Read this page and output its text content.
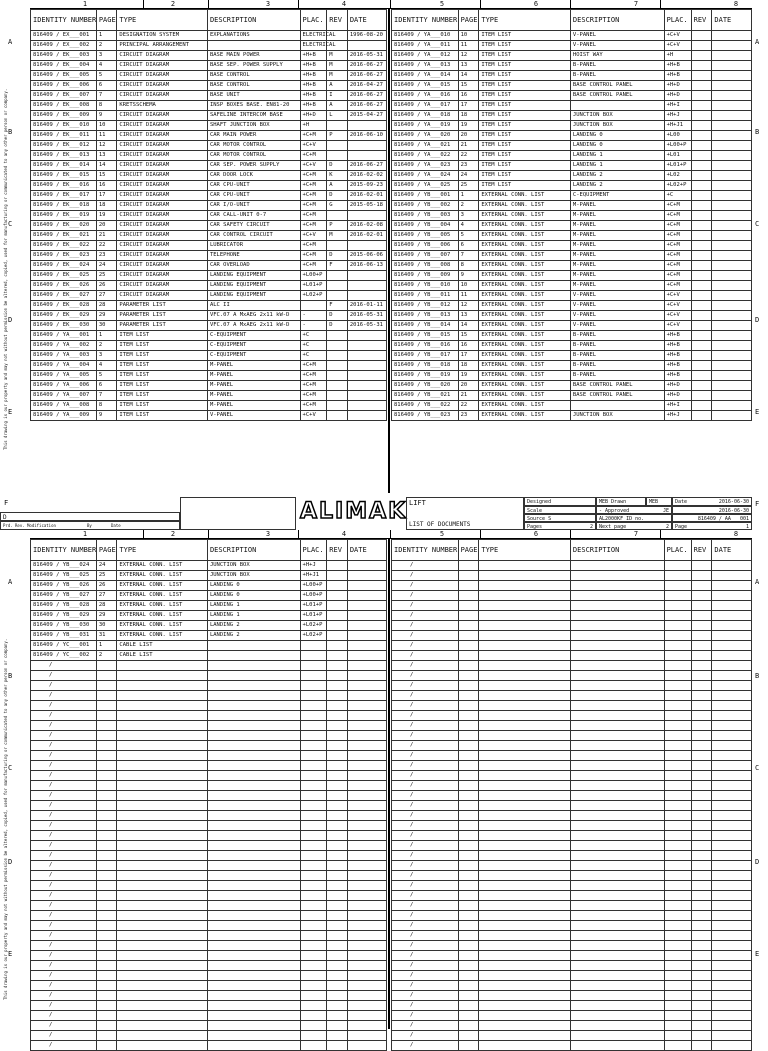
1	2	3	4	5	6	7	8
A
B
C
D
E
A
B
C
D
E
F
This drawing is our property and may not without permission be altered, copied, used for manufacturing or communicated to any other person or company.
IDENTITY NUMBER	PAGE	TYPE	DESCRIPTION	PLAC.	REV	DATE
816409 / EX___001	1	DESIGNATION SYSTEM	EXPLANATIONS	ELECTRICAL		1996-08-20
816409 / EX___002	2	PRINCIPAL ARRANGEMENT		ELECTRICAL		
816409 / EK___003	3	CIRCUIT DIAGRAM	BASE MAIN POWER	+H+B	M	2016-05-31
816409 / EK___004	4	CIRCUIT DIAGRAM	BASE SEP. POWER SUPPLY	+H+B	M	2016-06-27
816409 / EK___005	5	CIRCUIT DIAGRAM	BASE CONTROL	+H+B	M	2016-06-27
816409 / EK___006	6	CIRCUIT DIAGRAM	BASE CONTROL	+H+B	A	2016-04-27
816409 / EK___007	7	CIRCUIT DIAGRAM	BASE UNIT	+H+B	I	2016-06-27
816409 / EK___008	8	KRETSSCHEMA	INSP BOXES BASE. EN81-20	+H+B	A	2016-06-27
816409 / EK___009	9	CIRCUIT DIAGRAM	SAFELINE INTERCOM BASE	+H+D	L	2015-04-27
816409 / EK___010	10	CIRCUIT DIAGRAM	SHAFT JUNCTION BOX	+H		
816409 / EK___011	11	CIRCUIT DIAGRAM	CAR MAIN POWER	+C+M	P	2016-06-10
816409 / EK___012	12	CIRCUIT DIAGRAM	CAR MOTOR CONTROL	+C+V		
816409 / EK___013	13	CIRCUIT DIAGRAM	CAR MOTOR CONTROL	+C+M		
816409 / EK___014	14	CIRCUIT DIAGRAM	CAR SEP. POWER SUPPLY	+C+V	D	2016-06-27
816409 / EK___015	15	CIRCUIT DIAGRAM	CAR DOOR LOCK	+C+M	K	2016-02-02
816409 / EK___016	16	CIRCUIT DIAGRAM	CAR CPU-UNIT	+C+M	A	2015-09-23
816409 / EK___017	17	CIRCUIT DIAGRAM	CAR CPU-UNIT	+C+M	D	2016-02-01
816409 / EK___018	18	CIRCUIT DIAGRAM	CAR I/O-UNIT	+C+M	G	2015-05-18
816409 / EK___019	19	CIRCUIT DIAGRAM	CAR CALL-UNIT 0-7	+C+M		
816409 / EK___020	20	CIRCUIT DIAGRAM	CAR SAFETY CIRCUIT	+C+M	P	2016-02-08
816409 / EK___021	21	CIRCUIT DIAGRAM	CAR CONTROL CIRCUIT	+C+V	M	2016-02-01
816409 / EK___022	22	CIRCUIT DIAGRAM	LUBRICATOR	+C+M		
816409 / EK___023	23	CIRCUIT DIAGRAM	TELEPHONE	+C+M	D	2015-06-06
816409 / EK___024	24	CIRCUIT DIAGRAM	CAR OVERLOAD	+C+M	F	2016-06-13
816409 / EK___025	25	CIRCUIT DIAGRAM	LANDING EQUIPMENT	+L00+P		
816409 / EK___026	26	CIRCUIT DIAGRAM	LANDING EQUIPMENT	+L01+P		
816409 / EK___027	27	CIRCUIT DIAGRAM	LANDING EQUIPMENT	+L02+P		
816409 / EK___028	28	PARAMETER LIST	ALC II		F	2016-01-11
816409 / EK___029	29	PARAMETER LIST	VFC.07 A MxAEG 2x11 kW-D	-	D	2016-05-31
816409 / EK___030	30	PARAMETER LIST	VFC.07 A MxAEG 2x11 kW-D	-	D	2016-05-31
816409 / YA___001	1	ITEM LIST	C-EQUIPMENT	+C		
816409 / YA___002	2	ITEM LIST	C-EQUIPMENT	+C		
816409 / YA___003	3	ITEM LIST	C-EQUIPMENT	+C		
816409 / YA___004	4	ITEM LIST	M-PANEL	+C+M		
816409 / YA___005	5	ITEM LIST	M-PANEL	+C+M		
816409 / YA___006	6	ITEM LIST	M-PANEL	+C+M		
816409 / YA___007	7	ITEM LIST	M-PANEL	+C+M		
816409 / YA___008	8	ITEM LIST	M-PANEL	+C+M		
816409 / YA___009	9	ITEM LIST	V-PANEL	+C+V		
IDENTITY NUMBER	PAGE	TYPE	DESCRIPTION	PLAC.	REV	DATE
816409 / YA___010	10	ITEM LIST	V-PANEL	+C+V		
816409 / YA___011	11	ITEM LIST	V-PANEL	+C+V		
816409 / YA___012	12	ITEM LIST	HOIST WAY	+H		
816409 / YA___013	13	ITEM LIST	B-PANEL	+H+B		
816409 / YA___014	14	ITEM LIST	B-PANEL	+H+B		
816409 / YA___015	15	ITEM LIST	BASE CONTROL PANEL	+H+D		
816409 / YA___016	16	ITEM LIST	BASE CONTROL PANEL	+H+D		
816409 / YA___017	17	ITEM LIST		+H+I		
816409 / YA___018	18	ITEM LIST	JUNCTION BOX	+H+J		
816409 / YA___019	19	ITEM LIST	JUNCTION BOX	+H+J1		
816409 / YA___020	20	ITEM LIST	LANDING 0	+L00		
816409 / YA___021	21	ITEM LIST	LANDING 0	+L00+P		
816409 / YA___022	22	ITEM LIST	LANDING 1	+L01		
816409 / YA___023	23	ITEM LIST	LANDING 1	+L01+P		
816409 / YA___024	24	ITEM LIST	LANDING 2	+L02		
816409 / YA___025	25	ITEM LIST	LANDING 2	+L02+P		
816409 / YB___001	1	EXTERNAL CONN. LIST	C-EQUIPMENT	+C		
816409 / YB___002	2	EXTERNAL CONN. LIST	M-PANEL	+C+M		
816409 / YB___003	3	EXTERNAL CONN. LIST	M-PANEL	+C+M		
816409 / YB___004	4	EXTERNAL CONN. LIST	M-PANEL	+C+M		
816409 / YB___005	5	EXTERNAL CONN. LIST	M-PANEL	+C+M		
816409 / YB___006	6	EXTERNAL CONN. LIST	M-PANEL	+C+M		
816409 / YB___007	7	EXTERNAL CONN. LIST	M-PANEL	+C+M		
816409 / YB___008	8	EXTERNAL CONN. LIST	M-PANEL	+C+M		
816409 / YB___009	9	EXTERNAL CONN. LIST	M-PANEL	+C+M		
816409 / YB___010	10	EXTERNAL CONN. LIST	M-PANEL	+C+M		
816409 / YB___011	11	EXTERNAL CONN. LIST	V-PANEL	+C+V		
816409 / YB___012	12	EXTERNAL CONN. LIST	V-PANEL	+C+V		
816409 / YB___013	13	EXTERNAL CONN. LIST	V-PANEL	+C+V		
816409 / YB___014	14	EXTERNAL CONN. LIST	V-PANEL	+C+V		
816409 / YB___015	15	EXTERNAL CONN. LIST	B-PANEL	+H+B		
816409 / YB___016	16	EXTERNAL CONN. LIST	B-PANEL	+H+B		
816409 / YB___017	17	EXTERNAL CONN. LIST	B-PANEL	+H+B		
816409 / YB___018	18	EXTERNAL CONN. LIST	B-PANEL	+H+B		
816409 / YB___019	19	EXTERNAL CONN. LIST	B-PANEL	+H+B		
816409 / YB___020	20	EXTERNAL CONN. LIST	BASE CONTROL PANEL	+H+D		
816409 / YB___021	21	EXTERNAL CONN. LIST	BASE CONTROL PANEL	+H+D		
816409 / YB___022	22	EXTERNAL CONN. LIST		+H+I		
816409 / YB___023	23	EXTERNAL CONN. LIST	JUNCTION BOX	+H+J		
F
D
Prd. Rev. Modification	By	Date
ALIMAK LIFT
LIST OF DOCUMENTS
Designed	MEB Drawn	MEB	Date	2016-06-30
Scale	- Approved	JE	2016-06-30
Source S	AL2000KF ID no.	816409 / AA___001
Pages	2	Next page	2	Page	1
1	2	3	4	5	6	7	8
A
B
C
D
E
A
B
C
D
E
This drawing is our property and may not without permission be altered, copied, used for manufacturing or communicated to any other person or company.
IDENTITY NUMBER	PAGE	TYPE	DESCRIPTION	PLAC.	REV	DATE
816409 / YB___024	24	EXTERNAL CONN. LIST	JUNCTION BOX	+H+J		
816409 / YB___025	25	EXTERNAL CONN. LIST	JUNCTION BOX	+H+J1		
816409 / YB___026	26	EXTERNAL CONN. LIST	LANDING 0	+L00+P		
816409 / YB___027	27	EXTERNAL CONN. LIST	LANDING 0	+L00+P		
816409 / YB___028	28	EXTERNAL CONN. LIST	LANDING 1	+L01+P		
816409 / YB___029	29	EXTERNAL CONN. LIST	LANDING 1	+L01+P		
816409 / YB___030	30	EXTERNAL CONN. LIST	LANDING 2	+L02+P		
816409 / YB___031	31	EXTERNAL CONN. LIST	LANDING 2	+L02+P		
816409 / YC___001	1	CABLE LIST				
816409 / YC___002	2	CABLE LIST				
/						
/						
/						
/						
/						
/						
/						
/						
/						
/						
/						
/						
/						
/						
/						
/						
/						
/						
/						
/						
/						
/						
/						
/						
/						
/						
/						
/						
/						
/						
/						
/						
/						
/						
/						
/						
/						
/						
/						
IDENTITY NUMBER	PAGE	TYPE	DESCRIPTION	PLAC.	REV	DATE
/						
/						
/						
/						
/						
/						
/						
/						
/						
/						
/						
/						
/						
/						
/						
/						
/						
/						
/						
/						
/						
/						
/						
/						
/						
/						
/						
/						
/						
/						
/						
/						
/						
/						
/						
/						
/						
/						
/						
/						
/						
/						
/						
/						
/						
/						
/						
/						
/						
